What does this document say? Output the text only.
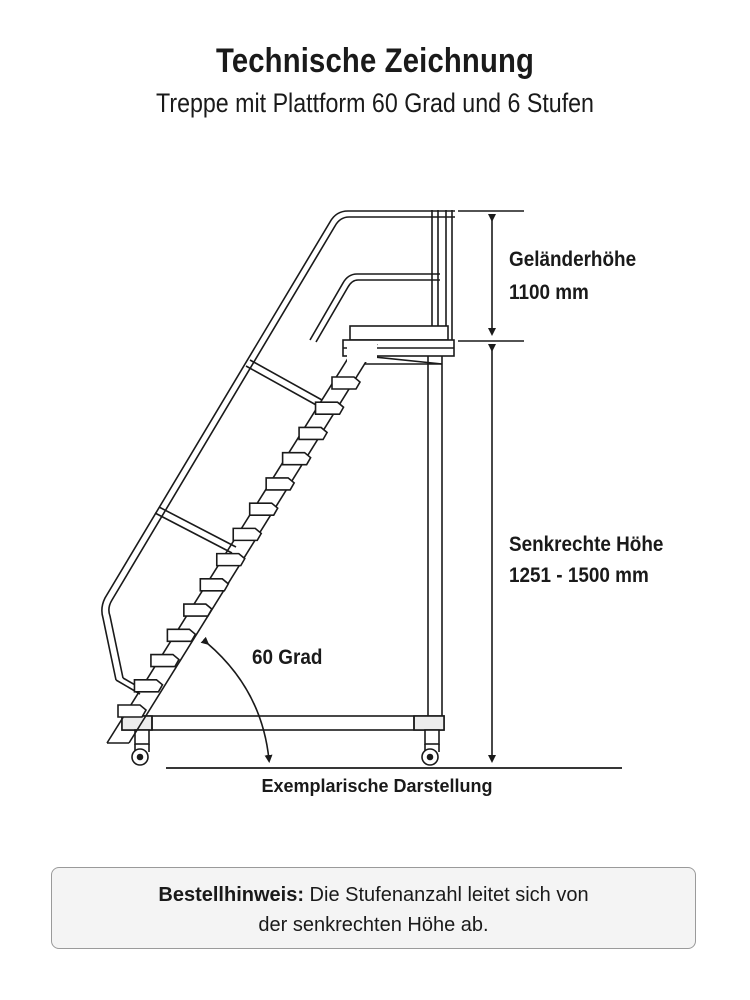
Technische Zeichnung
Treppe mit Plattform 60 Grad und 6 Stufen
Geländerhöhe
1100 mm
Senkrechte Höhe
1251 - 1500 mm
60 Grad
Exemplarische Darstellung
Bestellhinweis: Die Stufenanzahl leitet sich von
der senkrechten Höhe ab.
